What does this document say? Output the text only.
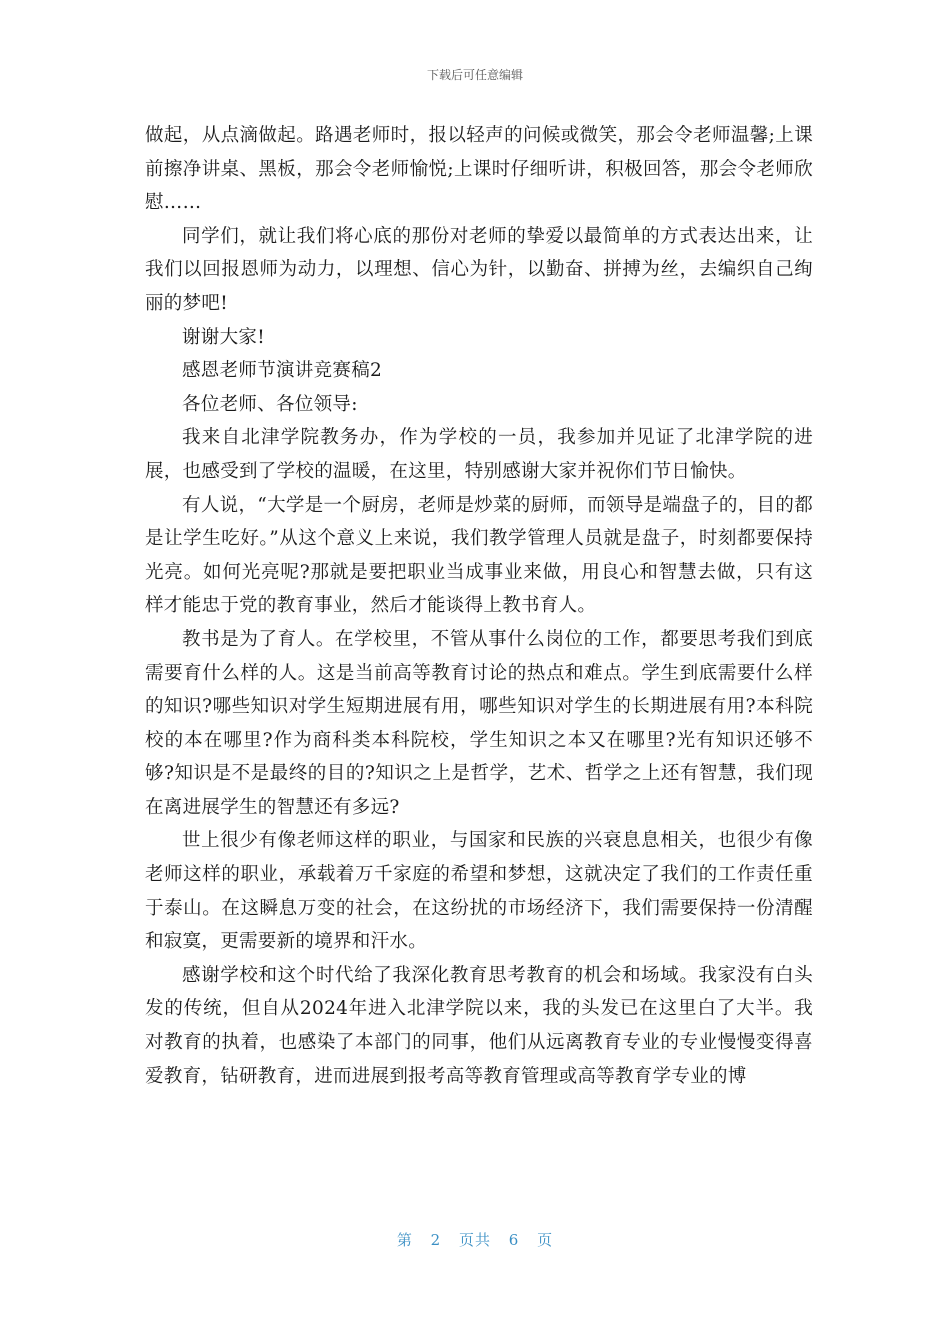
下载后可任意编辑

做起，从点滴做起。路遇老师时，报以轻声的问候或微笑，那会令老师温馨;上课前擦净讲桌、黑板，那会令老师愉悦;上课时仔细听讲，积极回答，那会令老师欣慰……

同学们，就让我们将心底的那份对老师的挚爱以最简单的方式表达出来，让我们以回报恩师为动力，以理想、信心为针，以勤奋、拼搏为丝，去编织自己绚丽的梦吧!

谢谢大家!

感恩老师节演讲竞赛稿2

各位老师、各位领导:

我来自北津学院教务办，作为学校的一员，我参加并见证了北津学院的进展，也感受到了学校的温暖，在这里，特别感谢大家并祝你们节日愉快。

有人说，“大学是一个厨房，老师是炒菜的厨师，而领导是端盘子的，目的都是让学生吃好。”从这个意义上来说，我们教学管理人员就是盘子，时刻都要保持光亮。如何光亮呢?那就是要把职业当成事业来做，用良心和智慧去做，只有这样才能忠于党的教育事业，然后才能谈得上教书育人。

教书是为了育人。在学校里，不管从事什么岗位的工作，都要思考我们到底需要育什么样的人。这是当前高等教育讨论的热点和难点。学生到底需要什么样的知识?哪些知识对学生短期进展有用，哪些知识对学生的长期进展有用?本科院校的本在哪里?作为商科类本科院校，学生知识之本又在哪里?光有知识还够不够?知识是不是最终的目的?知识之上是哲学，艺术、哲学之上还有智慧，我们现在离进展学生的智慧还有多远?

世上很少有像老师这样的职业，与国家和民族的兴衰息息相关，也很少有像老师这样的职业，承载着万千家庭的希望和梦想，这就决定了我们的工作责任重于泰山。在这瞬息万变的社会，在这纷扰的市场经济下，我们需要保持一份清醒和寂寞，更需要新的境界和汗水。

感谢学校和这个时代给了我深化教育思考教育的机会和场域。我家没有白头发的传统，但自从2024年进入北津学院以来，我的头发已在这里白了大半。我对教育的执着，也感染了本部门的同事，他们从远离教育专业的专业慢慢变得喜爱教育，钻研教育，进而进展到报考高等教育管理或高等教育学专业的博

第 2 页共 6 页
